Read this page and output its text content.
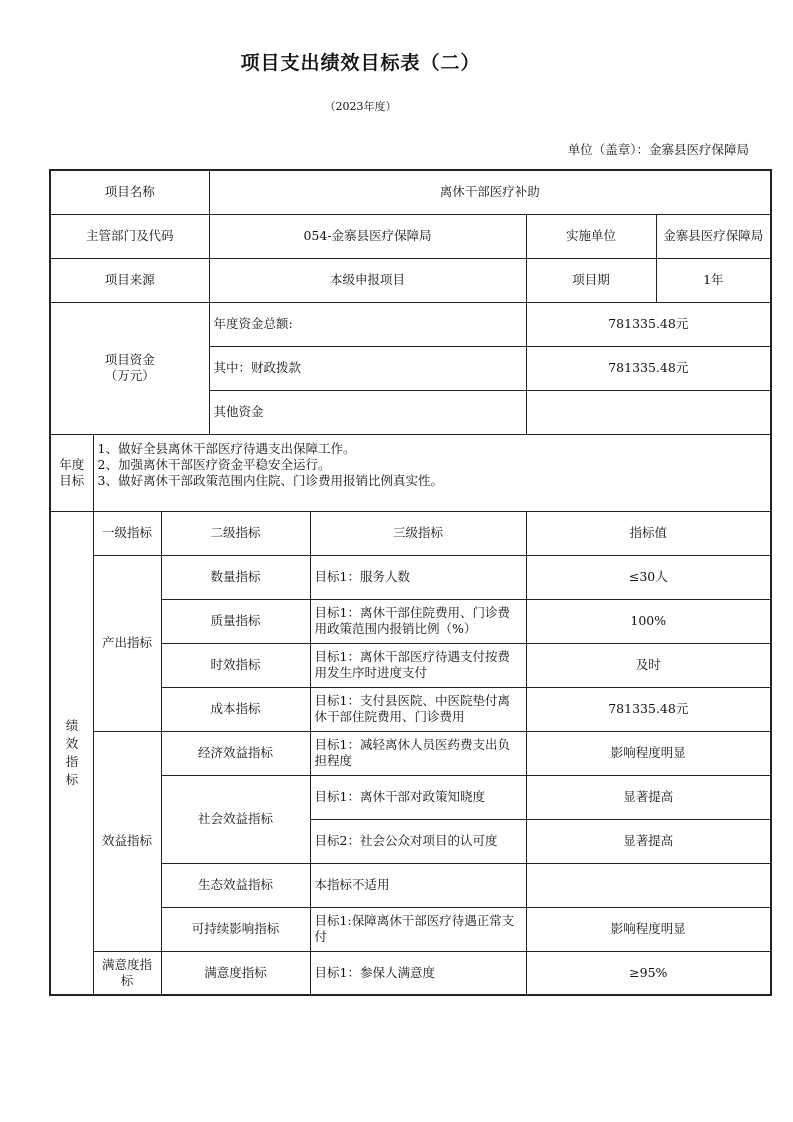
项目支出绩效目标表（二）
（2023年度）
单位（盖章）：金寨县医疗保障局
项目名称			离休干部医疗补助			
主管部门及代码			054-金寨县医疗保障局		实施单位	金寨县医疗保障局
项目来源			本级申报项目		项目期	1年

项目资金
（万元）			年度资金总额:		781335.48元	
			其中：财政拨款		781335.48元	
			其他资金			

年度
目标	1、做好全县离休干部医疗待遇支出保障工作。
2、加强离休干部医疗资金平稳安全运行。
3、做好离休干部政策范围内住院、门诊费用报销比例真实性。					

绩效指标	一级指标	二级指标		三级指标	指标值	
	产出指标	数量指标		目标1：服务人数	≤30人	
		质量指标		目标1：离休干部住院费用、门诊费用政策范围内报销比例（%）	100%	
		时效指标		目标1：离休干部医疗待遇支付按费用发生序时进度支付	及时	
		成本指标		目标1：支付县医院、中医院垫付离休干部住院费用、门诊费用	781335.48元	
	效益指标	经济效益指标		目标1：减轻离休人员医药费支出负担程度	影响程度明显	
		社会效益指标		目标1：离休干部对政策知晓度	显著提高	
				目标2：社会公众对项目的认可度	显著提高	
		生态效益指标		本指标不适用		
		可持续影响指标		目标1:保障离休干部医疗待遇正常支付	影响程度明显	
	满意度指标	满意度指标		目标1：参保人满意度	≥95%	
